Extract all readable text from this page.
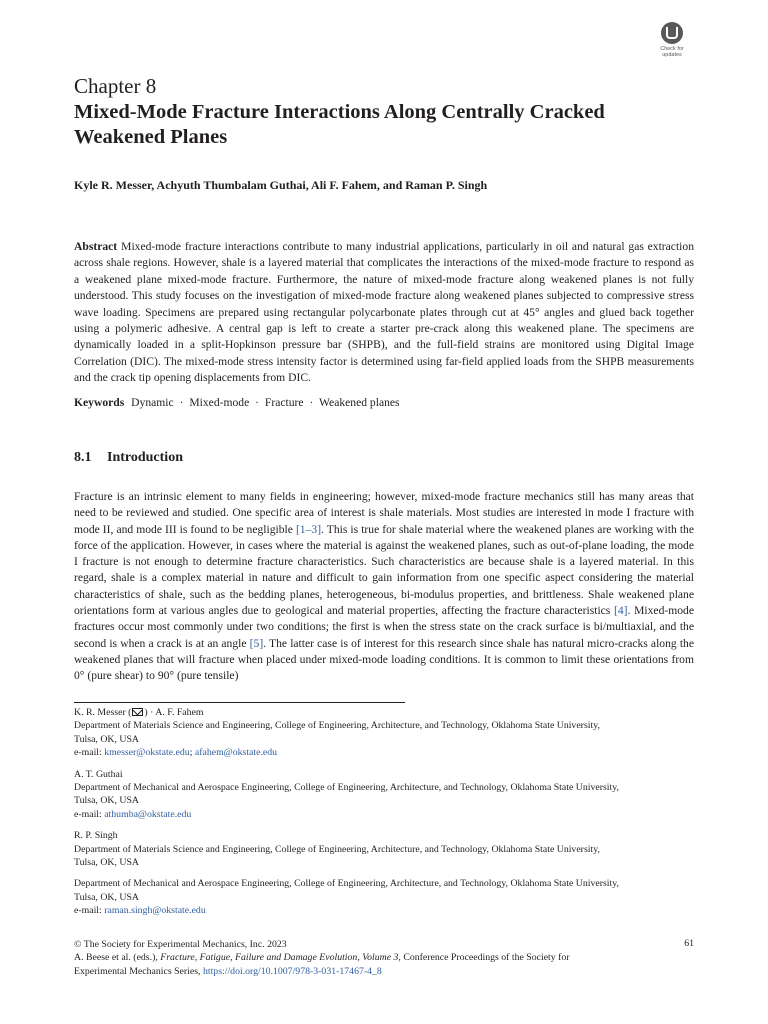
Check for
updates
Chapter 8
Mixed-Mode Fracture Interactions Along Centrally Cracked
Weakened Planes
Kyle R. Messer, Achyuth Thumbalam Guthai, Ali F. Fahem, and Raman P. Singh

Abstract Mixed-mode fracture interactions contribute to many industrial applications, particularly in oil and natural gas extraction across shale regions. However, shale is a layered material that complicates the interactions of the mixed-mode fracture to respond as a weakened plane mixed-mode fracture. Furthermore, the nature of mixed-mode fracture along weakened planes is not fully understood. This study focuses on the investigation of mixed-mode fracture along weakened planes subjected to compressive stress wave loading. Specimens are prepared using rectangular polycarbonate plates through cut at 45° angles and glued back together using a polymeric adhesive. A central gap is left to create a starter pre-crack along this weakened plane. The specimens are dynamically loaded in a split-Hopkinson pressure bar (SHPB), and the full-field strains are monitored using Digital Image Correlation (DIC). The mixed-mode stress intensity factor is determined using far-field applied loads from the SHPB measurements and the crack tip opening displacements from DIC.

Keywords Dynamic · Mixed-mode · Fracture · Weakened planes
8.1 Introduction

Fracture is an intrinsic element to many fields in engineering; however, mixed-mode fracture mechanics still has many areas that need to be reviewed and studied. One specific area of interest is shale materials. Most studies are interested in mode I fracture with mode II, and mode III is found to be negligible [1–3]. This is true for shale material where the weakened planes are working with the force of the application. However, in cases where the material is against the weakened planes, such as out-of-plane loading, the mode I fracture is not enough to determine fracture characteristics. Such characteristics are because shale is a layered material. In this regard, shale is a complex material in nature and difficult to gain information from one specific aspect considering the material characteristics of shale, such as the bedding planes, heterogeneous, bi-modulus properties, and brittleness. Shale weakened plane orientations form at various angles due to geological and material properties, affecting the fracture characteristics [4]. Mixed-mode fractures occur most commonly under two conditions; the first is when the stress state on the crack surface is bi/multiaxial, and the second is when a crack is at an angle [5]. The latter case is of interest for this research since shale has natural micro-cracks along the weakened planes that will fracture when placed under mixed-mode loading conditions. It is common to limit these orientations from 0° (pure shear) to 90° (pure tensile)

K. R. Messer ( ) · A. F. Fahem
Department of Materials Science and Engineering, College of Engineering, Architecture, and Technology, Oklahoma State University,
Tulsa, OK, USA
e-mail: kmesser@okstate.edu; afahem@okstate.edu
A. T. Guthai
Department of Mechanical and Aerospace Engineering, College of Engineering, Architecture, and Technology, Oklahoma State University,
Tulsa, OK, USA
e-mail: athumba@okstate.edu
R. P. Singh
Department of Materials Science and Engineering, College of Engineering, Architecture, and Technology, Oklahoma State University,
Tulsa, OK, USA
Department of Mechanical and Aerospace Engineering, College of Engineering, Architecture, and Technology, Oklahoma State University,
Tulsa, OK, USA
e-mail: raman.singh@okstate.edu
© The Society for Experimental Mechanics, Inc. 2023
A. Beese et al. (eds.), Fracture, Fatigue, Failure and Damage Evolution, Volume 3, Conference Proceedings of the Society for
Experimental Mechanics Series, https://doi.org/10.1007/978-3-031-17467-4_8
61
